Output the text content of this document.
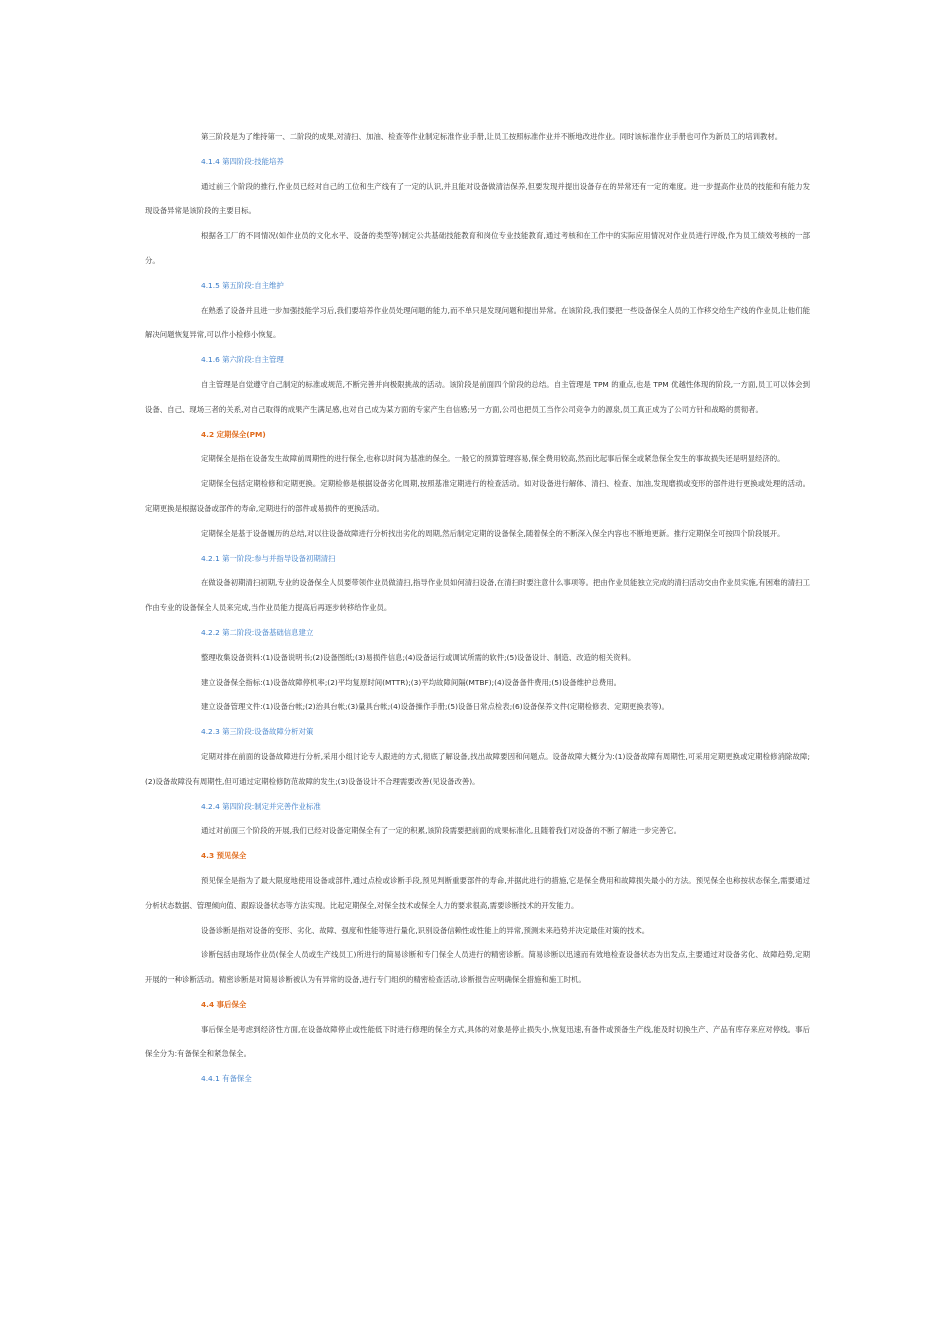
第三阶段是为了维持第一、二阶段的成果,对清扫、加油、检查等作业制定标准作业手册,让员工按照标准作业并不断地改进作业。同时该标准作业手册也可作为新员工的培训教材。

4.1.4 第四阶段:技能培养

通过前三个阶段的推行,作业员已经对自己的工位和生产线有了一定的认识,并且能对设备做清洁保养,但要发现并提出设备存在的异常还有一定的难度。进一步提高作业员的技能和有能力发现设备异常是该阶段的主要目标。

根据各工厂的不同情况(如作业员的文化水平、设备的类型等)制定公共基础技能教育和岗位专业技能教育,通过考核和在工作中的实际应用情况对作业员进行评级,作为员工绩效考核的一部分。

4.1.5 第五阶段:自主维护

在熟悉了设备并且进一步加强技能学习后,我们要培养作业员处理问题的能力,而不单只是发现问题和提出异常。在该阶段,我们要把一些设备保全人员的工作移交给生产线的作业员,让他们能解决问题恢复异常,可以作小检修小恢复。

4.1.6 第六阶段:自主管理

自主管理是自觉遵守自己制定的标准或规范,不断完善并向极限挑战的活动。该阶段是前面四个阶段的总结。自主管理是 TPM 的重点,也是 TPM 优越性体现的阶段,一方面,员工可以体会到设备、自己、现场三者的关系,对自己取得的成果产生满足感,也对自己成为某方面的专家产生自信感;另一方面,公司也把员工当作公司竞争力的源泉,员工真正成为了公司方针和战略的贯彻者。

4.2 定期保全(PM)

定期保全是指在设备发生故障前周期性的进行保全,也称以时间为基准的保全。一般它的预算管理容易,保全费用较高,然而比起事后保全或紧急保全发生的事故损失还是明显经济的。

定期保全包括定期检修和定期更换。定期检修是根据设备劣化周期,按照基准定期进行的检查活动。如对设备进行解体、清扫、检查、加油,发现磨损或变形的部件进行更换或处理的活动。定期更换是根据设备或部件的寿命,定期进行的部件或易损件的更换活动。

定期保全是基于设备履历的总结,对以往设备故障进行分析找出劣化的周期,然后制定定期的设备保全,随着保全的不断深入保全内容也不断地更新。推行定期保全可按四个阶段展开。

4.2.1 第一阶段:参与并指导设备初期清扫

在做设备初期清扫初期,专业的设备保全人员要带领作业员做清扫,指导作业员如何清扫设备,在清扫时要注意什么事项等。把由作业员能独立完成的清扫活动交由作业员实施,有困难的清扫工作由专业的设备保全人员来完成,当作业员能力提高后再逐步转移给作业员。

4.2.2 第二阶段:设备基础信息建立

整理收集设备资料:(1)设备说明书;(2)设备图纸;(3)易损件信息;(4)设备运行或调试所需的软件;(5)设备设计、制造、改造的相关资料。

建立设备保全指标:(1)设备故障停机率;(2)平均复原时间(MTTR);(3)平均故障间隔(MTBF);(4)设备备件费用;(5)设备维护总费用。

建立设备管理文件:(1)设备台帐;(2)治具台帐;(3)量具台帐;(4)设备操作手册;(5)设备日常点检表;(6)设备保养文件(定期检修表、定期更换表等)。

4.2.3 第三阶段:设备故障分析对策

定期对排在前面的设备故障进行分析,采用小组讨论专人跟进的方式,彻底了解设备,找出故障要因和问题点。设备故障大概分为:(1)设备故障有周期性,可采用定期更换或定期检修消除故障;(2)设备故障没有周期性,但可通过定期检修防范故障的发生;(3)设备设计不合理需要改善(见设备改善)。

4.2.4 第四阶段:制定并完善作业标准

通过对前面三个阶段的开展,我们已经对设备定期保全有了一定的积累,该阶段需要把前面的成果标准化,且随着我们对设备的不断了解进一步完善它。

4.3 预见保全

预见保全是指为了最大限度地使用设备或部件,通过点检或诊断手段,预见判断重要部件的寿命,并据此进行的措施,它是保全费用和故障损失最小的方法。预见保全也称按状态保全,需要通过分析状态数据、管理倾向值、跟踪设备状态等方法实现。比起定期保全,对保全技术或保全人力的要求很高,需要诊断技术的开发能力。

设备诊断是指对设备的变形、劣化、故障、强度和性能等进行量化,识别设备信赖性或性能上的异常,预测未来趋势并决定最佳对策的技术。

诊断包括由现场作业员(保全人员或生产线员工)所进行的简易诊断和专门保全人员进行的精密诊断。简易诊断以迅速而有效地检查设备状态为出发点,主要通过对设备劣化、故障趋势,定期开展的一种诊断活动。精密诊断是对简易诊断被认为有异常的设备,进行专门组织的精密检查活动,诊断报告应明确保全措施和施工时机。

4.4 事后保全

事后保全是考虑到经济性方面,在设备故障停止或性能低下时进行修理的保全方式,具体的对象是停止损失小,恢复迅速,有备件或预备生产线,能及时切换生产、产品有库存来应对停线。事后保全分为:有备保全和紧急保全。

4.4.1 有备保全
